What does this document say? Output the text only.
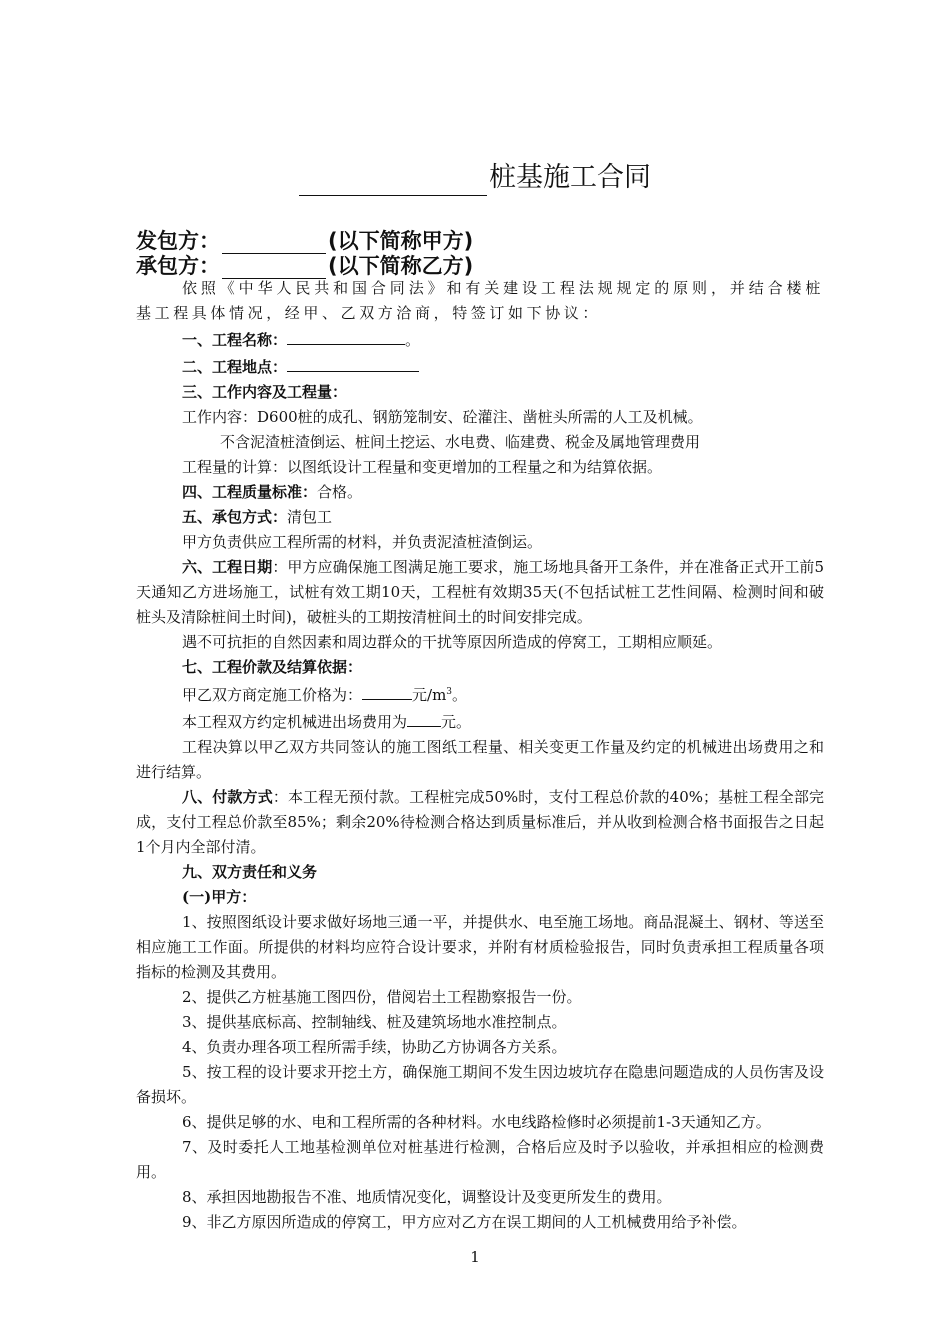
桩基施工合同
发包方：	(以下简称甲方)
承包方：	(以下简称乙方)
依照《中华人民共和国合同法》和有关建设工程法规规定的原则，并结合楼桩基工程具体情况，经甲、乙双方洽商，特签订如下协议：
一、工程名称：	。
二、工程地点：
三、工作内容及工程量：
工作内容：D600桩的成孔、钢筋笼制安、砼灌注、凿桩头所需的人工及机械。
不含泥渣桩渣倒运、桩间土挖运、水电费、临建费、税金及属地管理费用
工程量的计算：以图纸设计工程量和变更增加的工程量之和为结算依据。
四、工程质量标准：合格。
五、承包方式：清包工
甲方负责供应工程所需的材料，并负责泥渣桩渣倒运。
六、工程日期：甲方应确保施工图满足施工要求，施工场地具备开工条件，并在准备正式开工前5天通知乙方进场施工，试桩有效工期10天，工程桩有效期35天(不包括试桩工艺性间隔、检测时间和破桩头及清除桩间土时间)，破桩头的工期按清桩间土的时间安排完成。
遇不可抗拒的自然因素和周边群众的干扰等原因所造成的停窝工，工期相应顺延。
七、工程价款及结算依据：
甲乙双方商定施工价格为：	元$/m^3$。
本工程双方约定机械进出场费用为 元。
工程决算以甲乙双方共同签认的施工图纸工程量、相关变更工作量及约定的机械进出场费用之和进行结算。
八、付款方式：本工程无预付款。工程桩完成50%时，支付工程总价款的40%；基桩工程全部完成，支付工程总价款至85%；剩余20%待检测合格达到质量标准后，并从收到检测合格书面报告之日起1个月内全部付清。
九、双方责任和义务
(一)甲方：
1、按照图纸设计要求做好场地三通一平，并提供水、电至施工场地。商品混凝土、钢材、等送至相应施工工作面。所提供的材料均应符合设计要求，并附有材质检验报告，同时负责承担工程质量各项指标的检测及其费用。
2、提供乙方桩基施工图四份，借阅岩土工程勘察报告一份。
3、提供基底标高、控制轴线、桩及建筑场地水准控制点。
4、负责办理各项工程所需手续，协助乙方协调各方关系。
5、按工程的设计要求开挖土方，确保施工期间不发生因边坡坑存在隐患问题造成的人员伤害及设备损坏。
6、提供足够的水、电和工程所需的各种材料。水电线路检修时必须提前1-3天通知乙方。
7、及时委托人工地基检测单位对桩基进行检测，合格后应及时予以验收，并承担相应的检测费用。
8、承担因地勘报告不准、地质情况变化，调整设计及变更所发生的费用。
9、非乙方原因所造成的停窝工，甲方应对乙方在误工期间的人工机械费用给予补偿。
1
